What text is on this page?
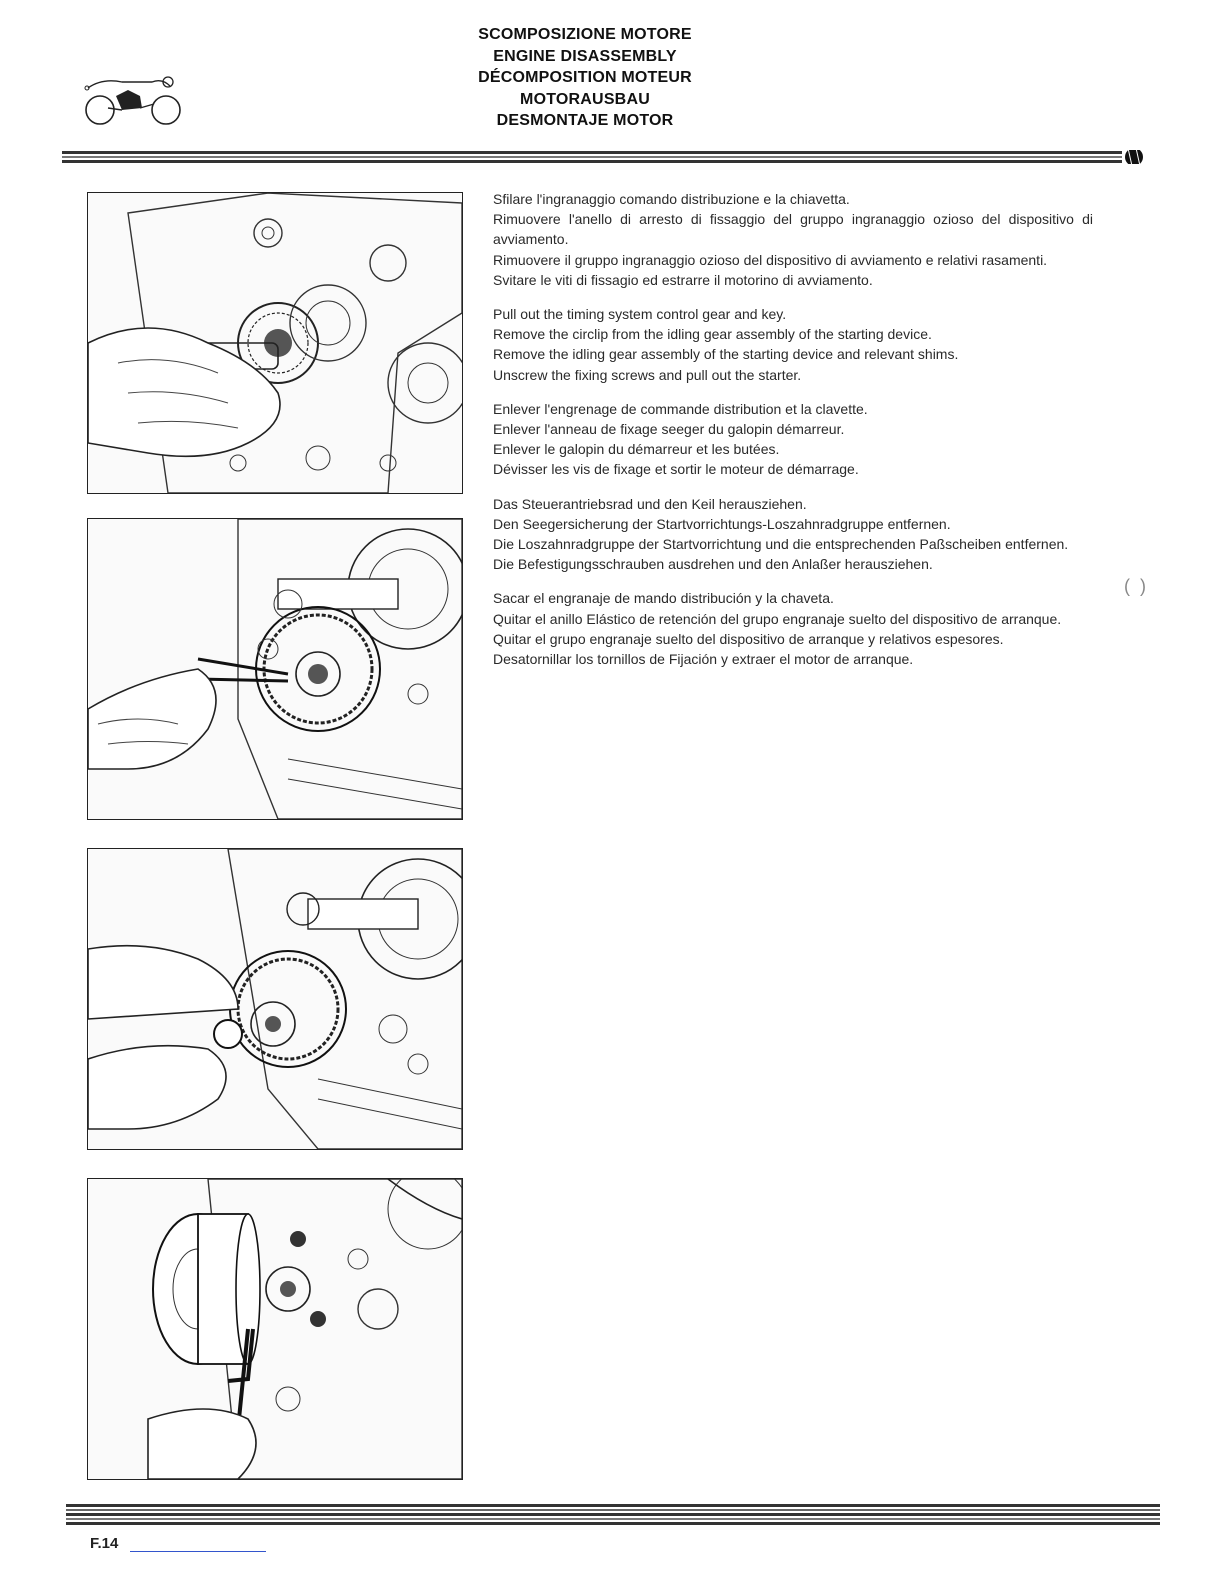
SCOMPOSIZIONE MOTORE
ENGINE DISASSEMBLY
DÉCOMPOSITION MOTEUR
MOTORAUSBAU
DESMONTAJE MOTOR

Sfilare l'ingranaggio comando distribuzione e la chiavetta.

Rimuovere l'anello di arresto di fissaggio del gruppo ingranaggio ozioso del dispositivo di avviamento.

Rimuovere il gruppo ingranaggio ozioso del dispositivo di avviamento e relativi rasamenti.

Svitare le viti di fissagio ed estrarre il motorino di avviamento.

Pull out the timing system control gear and key.

Remove the circlip from the idling gear assembly of the starting device.

Remove the idling gear assembly of the starting device and relevant shims.

Unscrew the fixing screws and pull out the starter.

Enlever l'engrenage de commande distribution et la clavette.

Enlever l'anneau de fixage seeger du galopin démarreur.

Enlever le galopin du démarreur et les butées.

Dévisser les vis de fixage et sortir le moteur de démarrage.

Das Steuerantriebsrad und den Keil herausziehen.

Den Seegersicherung der Startvorrichtungs-Loszahnradgruppe entfernen.

Die Loszahnradgruppe der Startvorrichtung und die entsprechenden Paßscheiben entfernen.

Die Befestigungsschrauben ausdrehen und den Anlaßer herausziehen.

Sacar el engranaje de mando distribución y la chaveta.

Quitar el anillo Elástico de retención del grupo engranaje suelto del dispositivo de arranque.

Quitar el grupo engranaje suelto del dispositivo de arranque y relativos espesores.

Desatornillar los tornillos de Fijación y extraer el motor de arranque.

(  )
F.14
